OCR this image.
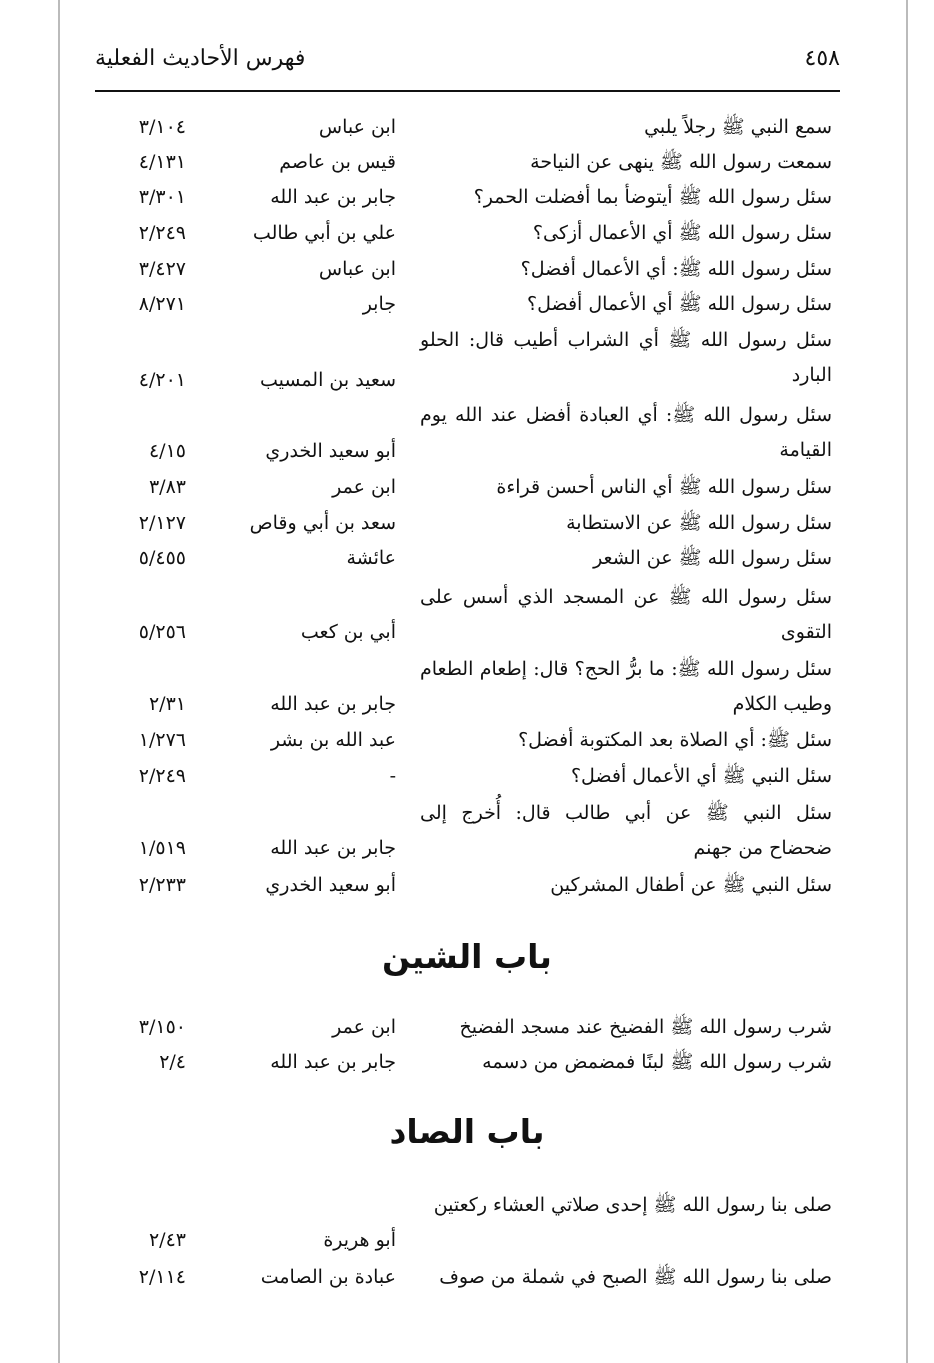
٤٥٨
فهرس الأحاديث الفعلية
سمع النبي ﷺ رجلاً يلبي
ابن عباس
٣/١٠٤
سمعت رسول الله ﷺ ينهى عن النياحة
قيس بن عاصم
٤/١٣١
سئل رسول الله ﷺ أيتوضأ بما أفضلت الحمر؟
جابر بن عبد الله
٣/٣٠١
سئل رسول الله ﷺ أي الأعمال أزكى؟
علي بن أبي طالب
٢/٢٤٩
سئل رسول الله ﷺ: أي الأعمال أفضل؟
ابن عباس
٣/٤٢٧
سئل رسول الله ﷺ أي الأعمال أفضل؟
جابر
٨/٢٧١
سئل رسول الله ﷺ أي الشراب أطيب قال: الحلو البارد
سعيد بن المسيب
٤/٢٠١
سئل رسول الله ﷺ: أي العبادة أفضل عند الله يوم القيامة
أبو سعيد الخدري
٤/١٥
سئل رسول الله ﷺ أي الناس أحسن قراءة
ابن عمر
٣/٨٣
سئل رسول الله ﷺ عن الاستطابة
سعد بن أبي وقاص
٢/١٢٧
سئل رسول الله ﷺ عن الشعر
عائشة
٥/٤٥٥
سئل رسول الله ﷺ عن المسجد الذي أسس على التقوى
أبي بن كعب
٥/٢٥٦
سئل رسول الله ﷺ: ما برُّ الحج؟ قال: إطعام الطعام وطيب الكلام
جابر بن عبد الله
٢/٣١
سئل ﷺ: أي الصلاة بعد المكتوبة أفضل؟
عبد الله بن بشر
١/٢٧٦
سئل النبي ﷺ أي الأعمال أفضل؟
-
٢/٢٤٩
سئل النبي ﷺ عن أبي طالب قال: أُخرج إلى ضحضاح من جهنم
جابر بن عبد الله
١/٥١٩
سئل النبي ﷺ عن أطفال المشركين
أبو سعيد الخدري
٢/٢٣٣
باب الشين
شرب رسول الله ﷺ الفضيخ عند مسجد الفضيخ
ابن عمر
٣/١٥٠
شرب رسول الله ﷺ لبنًا فمضمض من دسمه
جابر بن عبد الله
٢/٤
باب الصاد
صلى بنا رسول الله ﷺ إحدى صلاتي العشاء ركعتين
أبو هريرة
٢/٤٣
صلى بنا رسول الله ﷺ الصبح في شملة من صوف
عبادة بن الصامت
٢/١١٤
